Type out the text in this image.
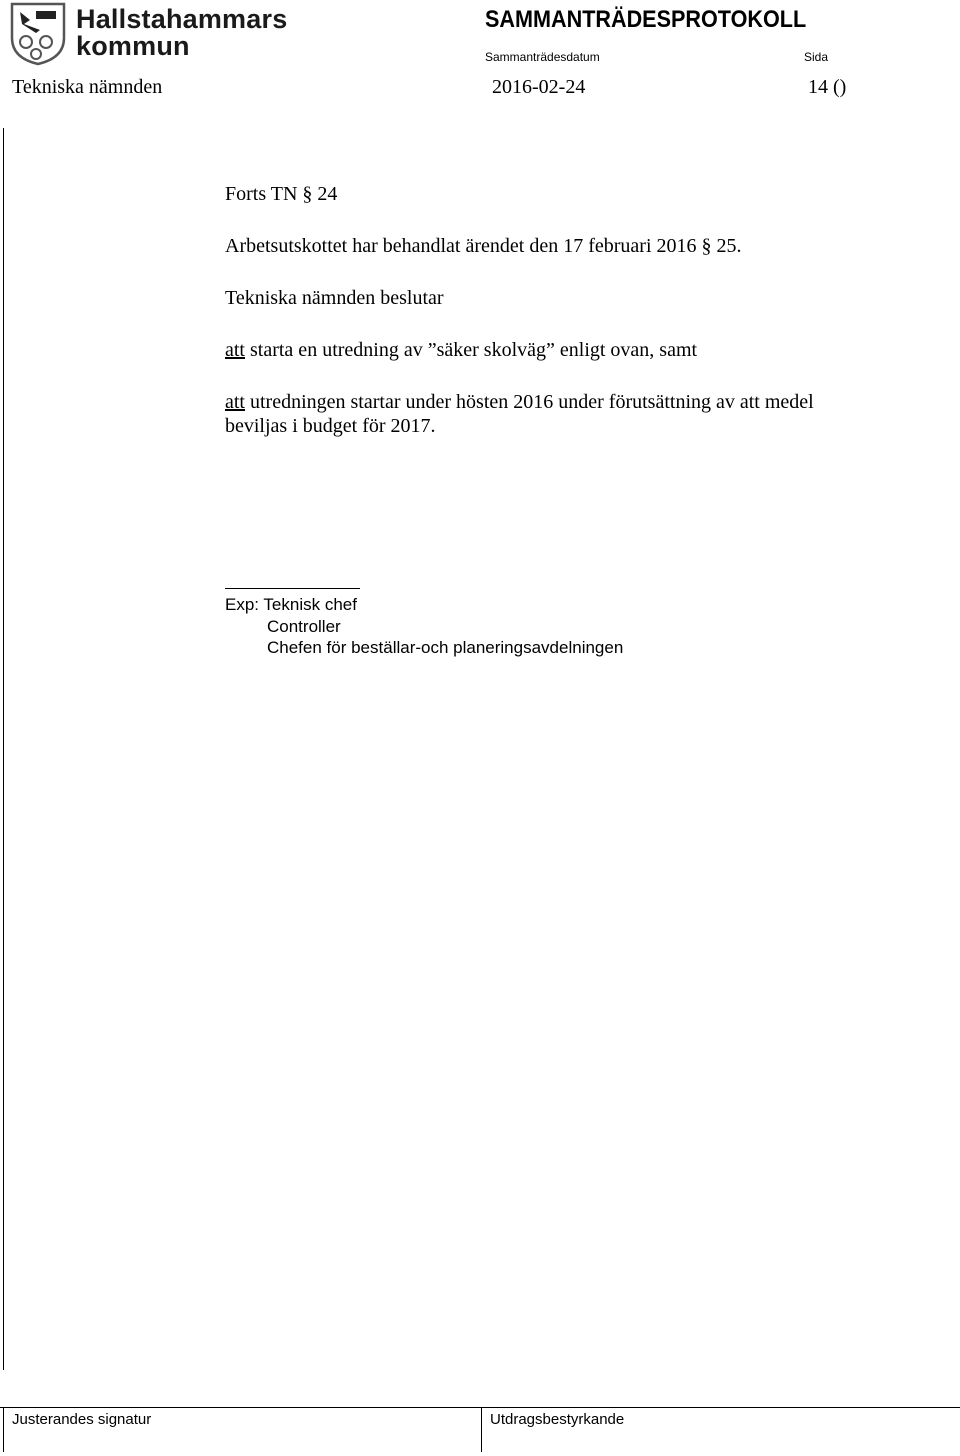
Hallstahammars
kommun
SAMMANTRÄDESPROTOKOLL
Sammanträdesdatum	Sida
Tekniska nämnden	2016-02-24	14 ()
Forts TN § 24
Arbetsutskottet har behandlat ärendet den 17 februari 2016 § 25.
Tekniska nämnden beslutar
att starta en utredning av ”säker skolväg” enligt ovan, samt
att utredningen startar under hösten 2016 under förutsättning av att medel
beviljas i budget för 2017.
Exp: Teknisk chef
Controller
Chefen för beställar-och planeringsavdelningen
Justerandes signatur	Utdragsbestyrkande
